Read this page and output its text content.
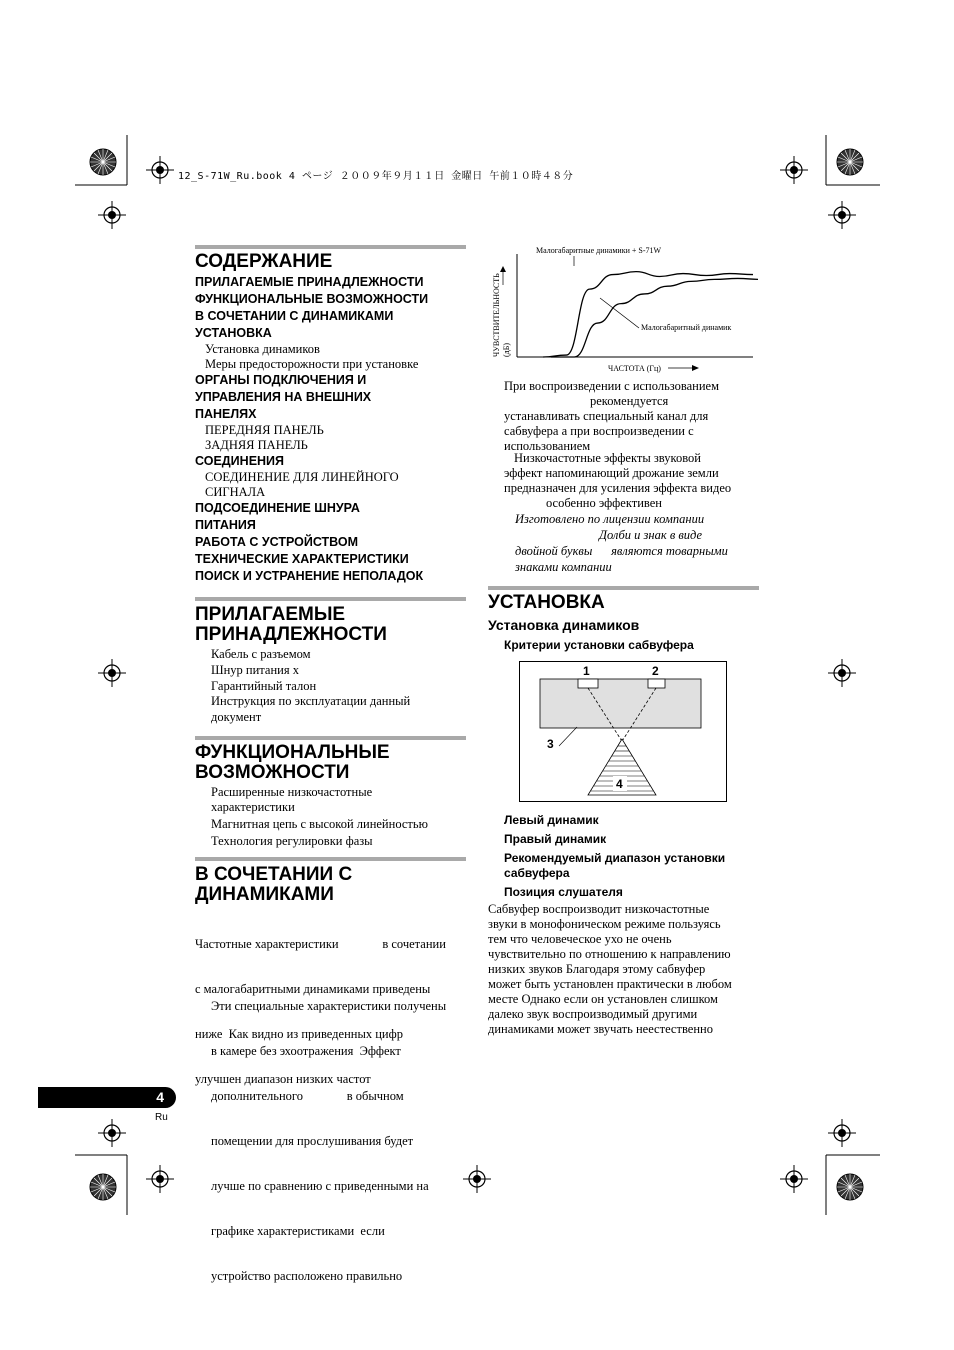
12_S-71W_Ru.book 4 ページ ２００９年９月１１日 金曜日 午前１０時４８分
СОДЕРЖАНИЕ
ПРИЛАГАЕМЫЕ ПРИНАДЛЕЖНОСТИ
ФУНКЦИОНАЛЬНЫЕ ВОЗМОЖНОСТИ
В СОЧЕТАНИИ С ДИНАМИКАМИ
УСТАНОВКА
Установка динамиков
Меры предосторожности при установке
ОРГАНЫ ПОДКЛЮЧЕНИЯ И
УПРАВЛЕНИЯ НА ВНЕШНИХ
ПАНЕЛЯХ
ПЕРЕДНЯЯ ПАНЕЛЬ
ЗАДНЯЯ ПАНЕЛЬ
СОЕДИНЕНИЯ
СОЕДИНЕНИЕ ДЛЯ ЛИНЕЙНОГО
СИГНАЛА
ПОДСОЕДИНЕНИЕ ШНУРА
ПИТАНИЯ
РАБОТА С УСТРОЙСТВОМ
ТЕХНИЧЕСКИЕ ХАРАКТЕРИСТИКИ
ПОИСК И УСТРАНЕНИЕ НЕПОЛАДОК
ПРИЛАГАЕМЫЕ
ПРИНАДЛЕЖНОСТИ
Кабель с разъемом
Шнур питания x
Гарантийный талон
Инструкция по эксплуатации данный
документ
ФУНКЦИОНАЛЬНЫЕ
ВОЗМОЖНОСТИ
Расширенные низкочастотные
характеристики
Магнитная цепь с высокой линейностью
Технология регулировки фазы
В СОЧЕТАНИИ С
ДИНАМИКАМИ

Частотные характеристики              в сочетании

с малогабаритными динамиками приведены

ниже  Как видно из приведенных цифр

улучшен диапазон низких частот

Эти специальные характеристики получены

в камере без эхоотражения  Эффект

дополнительного              в обычном

помещении для прослушивания будет

лучше по сравнению с приведенными на

графике характеристиками  если

устройство расположено правильно

Малогабаритные динамики + S-71W
Малогабаритный динамик
ЧУВСТВИТЕЛЬНОСТЬ (дБ)
ЧАСТОТА (Гц)
При воспроизведении с использованием
рекомендуется
устанавливать специальный канал для
сабвуфера а при воспроизведении с
использованием
Низкочастотные эффекты звуковой
эффект напоминающий дрожание земли
предназначен для усиления эффекта видео
особенно эффективен
Изготовлено по лицензии компании
Долби и знак в виде
двойной буквы      являются товарными
знаками компании
УСТАНОВКА
Установка динамиков
Критерии установки сабвуфера
1	2
3
4
Левый динамик
Правый динамик
Рекомендуемый диапазон установки
сабвуфера
Позиция слушателя
Сабвуфер воспроизводит низкочастотные
звуки в монофоническом режиме пользуясь
тем что человеческое ухо не очень
чувствительно по отношению к направлению
низких звуков Благодаря этому сабвуфер
может быть установлен практически в любом
месте Однако если он установлен слишком
далеко звук воспроизводимый другими
динамиками может звучать неестественно
4
Ru
